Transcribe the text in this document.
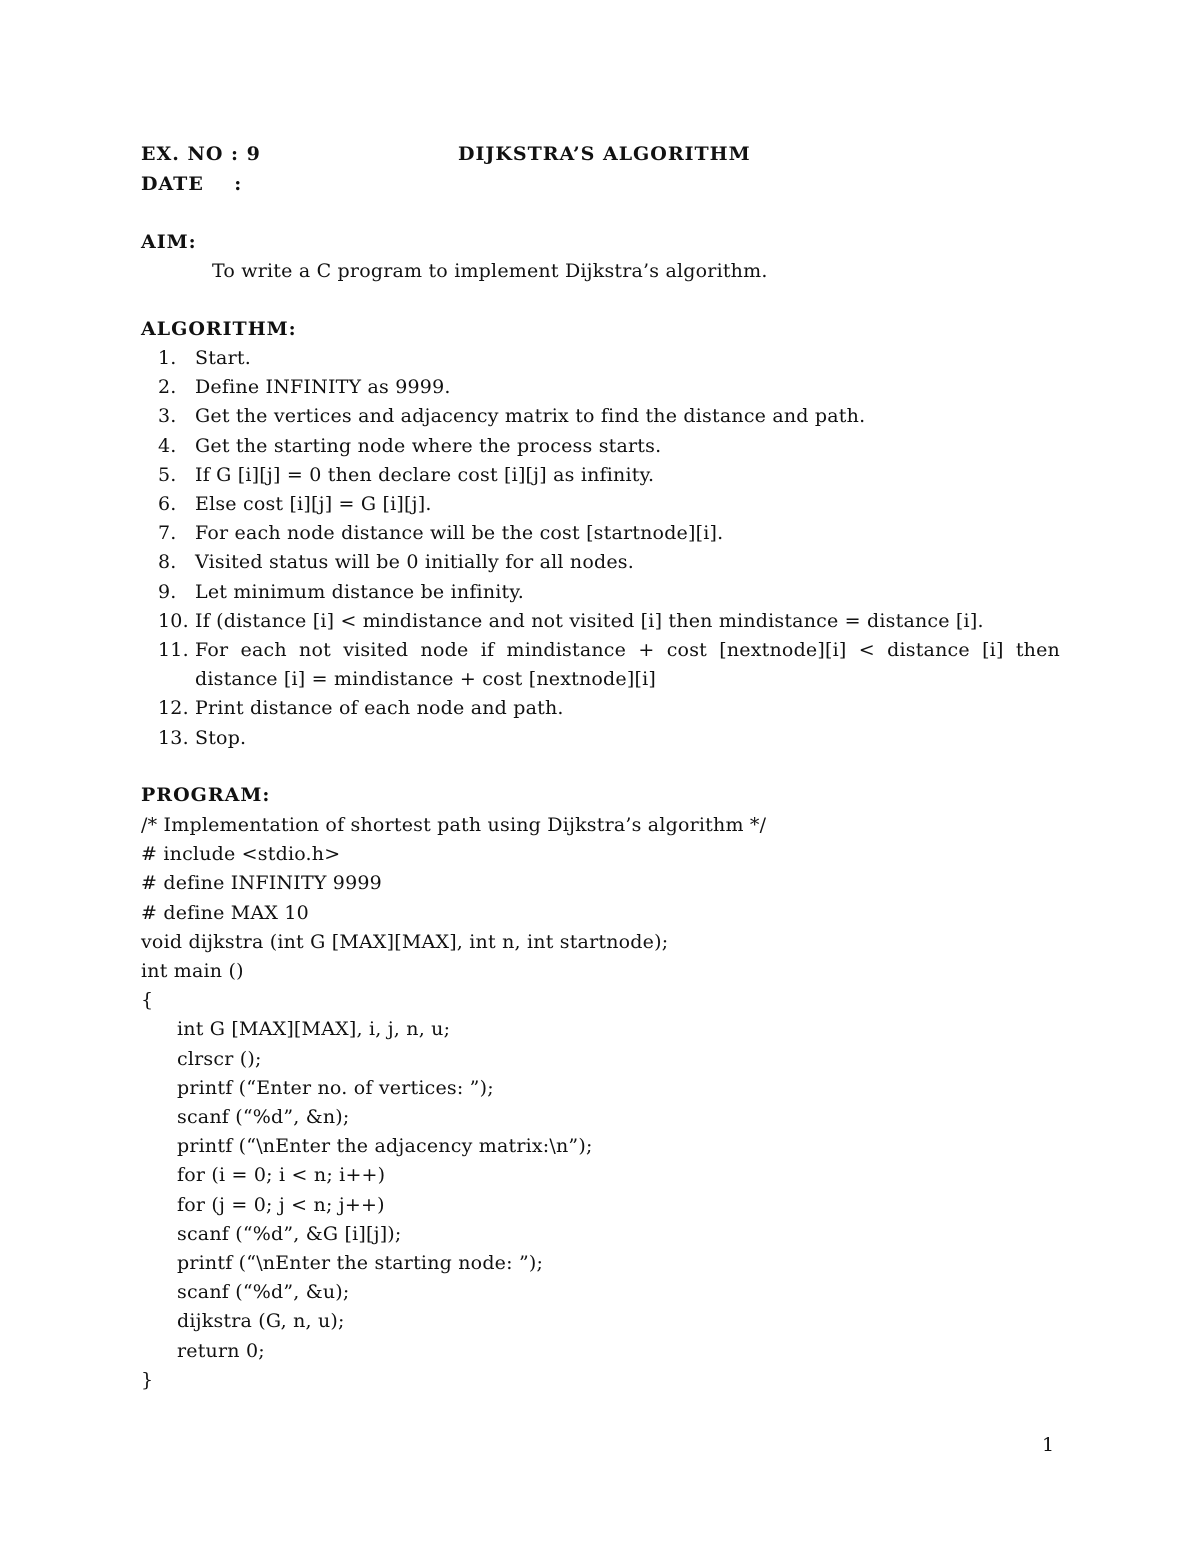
EX. NO : 9	DIJKSTRA’S ALGORITHM
DATE    :
AIM:
To write a C program to implement Dijkstra’s algorithm.
ALGORITHM:
1. Start.
2. Define INFINITY as 9999.
3. Get the vertices and adjacency matrix to find the distance and path.
4. Get the starting node where the process starts.
5. If G [i][j] = 0 then declare cost [i][j] as infinity.
6. Else cost [i][j] = G [i][j].
7. For each node distance will be the cost [startnode][i].
8. Visited status will be 0 initially for all nodes.
9. Let minimum distance be infinity.
10. If (distance [i] < mindistance and not visited [i] then mindistance = distance [i].
11. For each not visited node if mindistance + cost [nextnode][i] < distance [i] then distance [i] = mindistance + cost [nextnode][i]
12. Print distance of each node and path.
13. Stop.
PROGRAM:
/* Implementation of shortest path using Dijkstra’s algorithm */
# include <stdio.h>
# define INFINITY 9999
# define MAX 10
void dijkstra (int G [MAX][MAX], int n, int startnode);
int main ()
{
int G [MAX][MAX], i, j, n, u;
clrscr ();
printf (“Enter no. of vertices: ”);
scanf (“%d”, &n);
printf (“\nEnter the adjacency matrix:\n”);
for (i = 0; i < n; i++)
for (j = 0; j < n; j++)
scanf (“%d”, &G [i][j]);
printf (“\nEnter the starting node: ”);
scanf (“%d”, &u);
dijkstra (G, n, u);
return 0;
}
1
